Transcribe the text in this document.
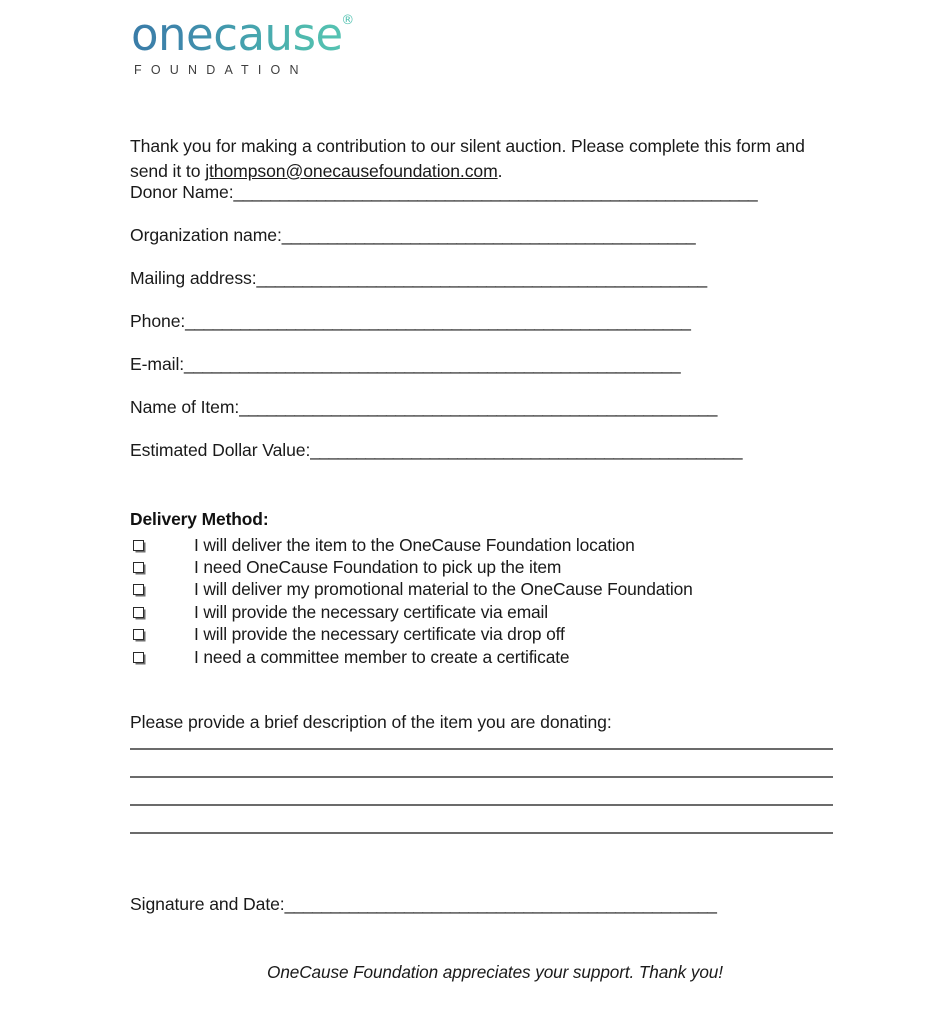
onecause
®
FOUNDATION

Thank you for making a contribution to our silent auction. Please complete this form and send it to jthompson@onecausefoundation.com.

Donor Name:_________________________________________________________
Organization name:_____________________________________________
Mailing address:_________________________________________________
Phone:_______________________________________________________
E-mail:______________________________________________________
Name of Item:____________________________________________________
Estimated Dollar Value:_______________________________________________
Delivery Method:
I will deliver the item to the OneCause Foundation location
I need OneCause Foundation to pick up the item
I will deliver my promotional material to the OneCause Foundation
I will provide the necessary certificate via email
I will provide the necessary certificate via drop off
I need a committee member to create a certificate
Please provide a brief description of the item you are donating:
Signature and Date:_______________________________________________
OneCause Foundation appreciates your support. Thank you!
